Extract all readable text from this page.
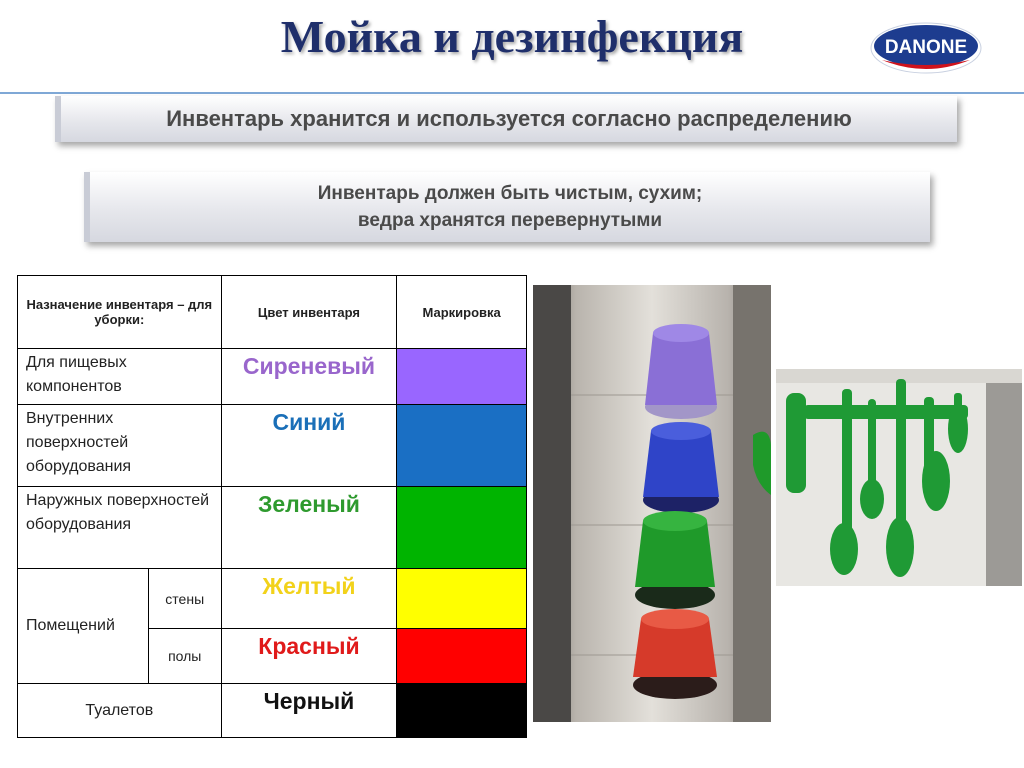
Мойка и дезинфекция	DANONE
Инвентарь хранится и используется согласно распределению
Инвентарь должен быть чистым, сухим;
ведра хранятся перевернутыми
Назначение инвентаря – для уборки:		Цвет инвентаря	Маркировка
Для пищевых компонентов		Сиреневый	
Внутренних поверхностей оборудования		Синий	
Наружных поверхностей оборудования		Зеленый	
Помещений	стены	Желтый	
	полы	Красный	
Туалетов		Черный	
